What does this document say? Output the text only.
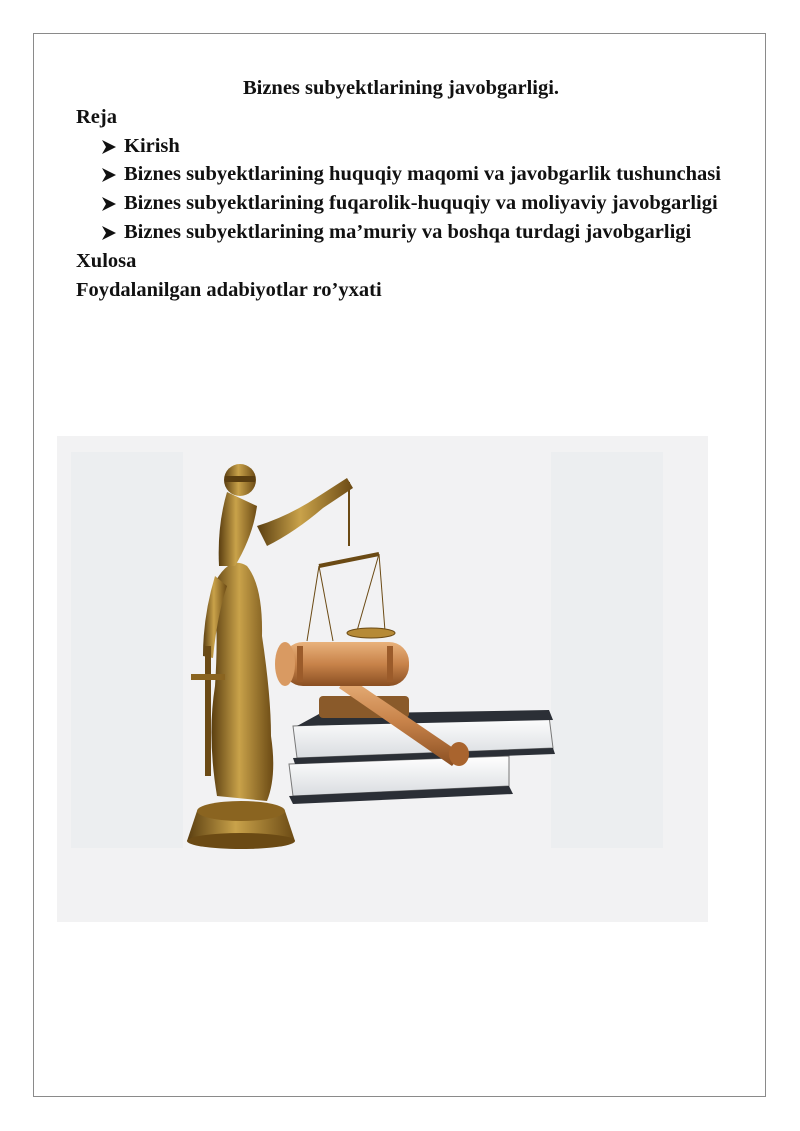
Biznes subyektlarining javobgarligi.

Reja

Kirish
Biznes subyektlarining huquqiy maqomi va javobgarlik tushunchasi
Biznes subyektlarining fuqarolik-huquqiy va moliyaviy javobgarligi
Biznes subyektlarining ma’muriy va boshqa turdagi javobgarligi

Xulosa

Foydalanilgan adabiyotlar ro’yxati
